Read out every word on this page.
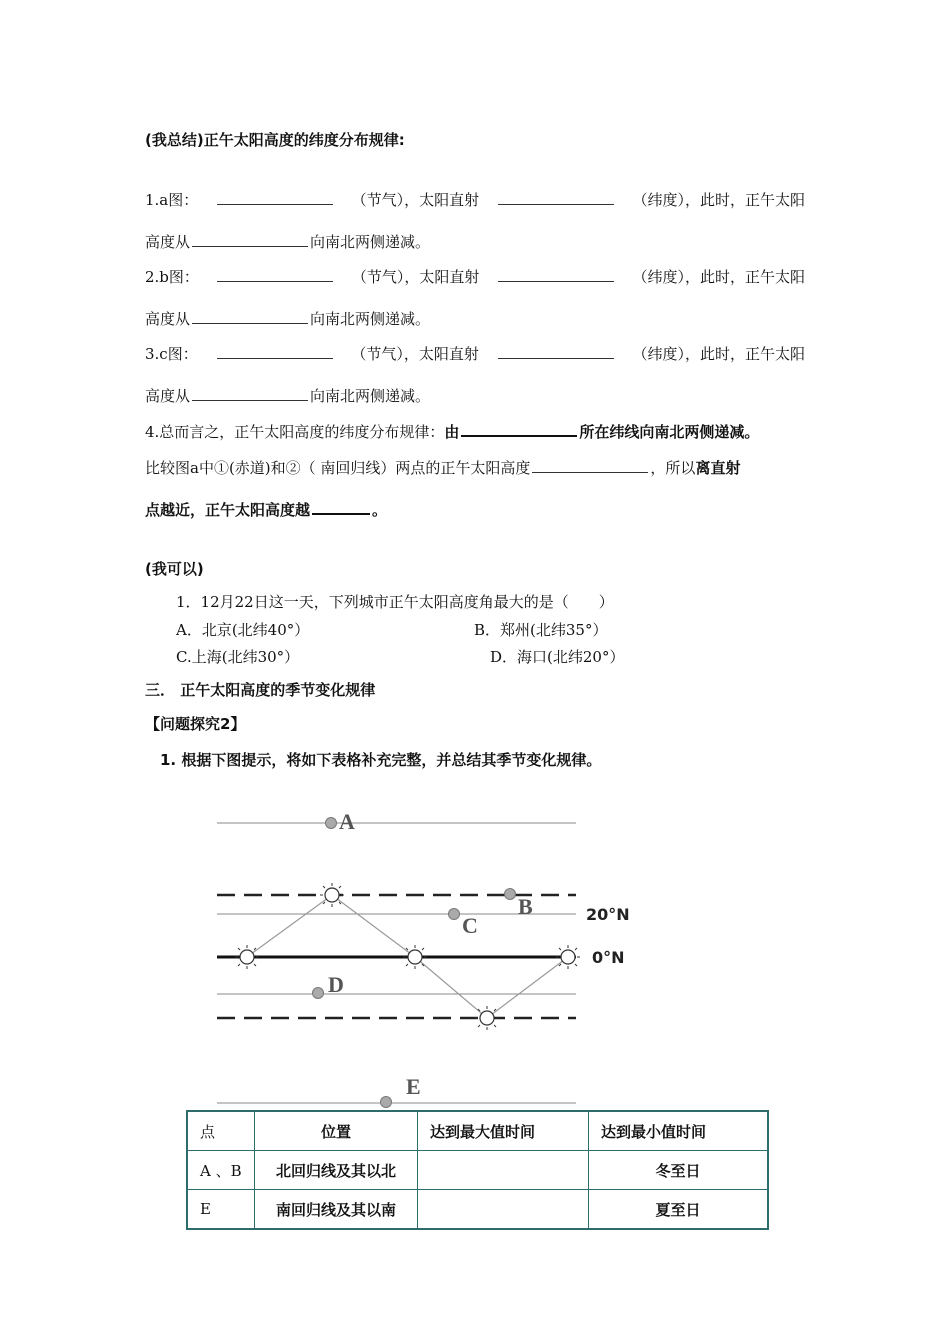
(我总结)正午太阳高度的纬度分布规律:
1.a图：	（节气），太阳直射	（纬度），此时，正午太阳
高度从	向南北两侧递减。
2.b图：	（节气），太阳直射	（纬度），此时，正午太阳
高度从	向南北两侧递减。
3.c图：	（节气），太阳直射	（纬度），此时，正午太阳
高度从	向南北两侧递减。
4.总而言之，正午太阳高度的纬度分布规律：由	所在纬线向南北两侧递减。
比较图a中①(赤道)和②（ 南回归线）两点的正午太阳高度	，所以离直射
点越近，正午太阳高度越	。
(我可以)
1．12月22日这一天，下列城市正午太阳高度角最大的是（　　）
A．北京(北纬40°）	B．郑州(北纬35°）
C.上海(北纬30°）	D．海口(北纬20°）
三． 正午太阳高度的季节变化规律
【问题探究2】
1. 根据下图提示，将如下表格补充完整，并总结其季节变化规律。
A
B
C
D
E
20°N
0°N
点	位置	达到最大值时间	达到最小值时间
A 、B	北回归线及其以北		冬至日
E	南回归线及其以南		夏至日
